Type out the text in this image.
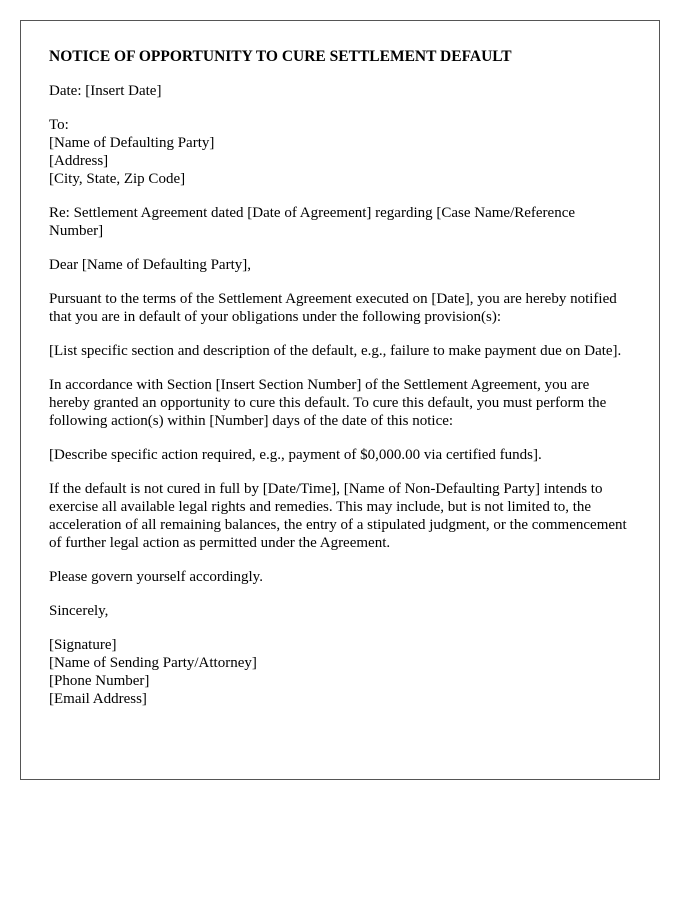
NOTICE OF OPPORTUNITY TO CURE SETTLEMENT DEFAULT
Date: [Insert Date]
To:
[Name of Defaulting Party]
[Address]
[City, State, Zip Code]
Re: Settlement Agreement dated [Date of Agreement] regarding [Case Name/Reference Number]
Dear [Name of Defaulting Party],
Pursuant to the terms of the Settlement Agreement executed on [Date], you are hereby notified that you are in default of your obligations under the following provision(s):
[List specific section and description of the default, e.g., failure to make payment due on Date].
In accordance with Section [Insert Section Number] of the Settlement Agreement, you are hereby granted an opportunity to cure this default. To cure this default, you must perform the following action(s) within [Number] days of the date of this notice:
[Describe specific action required, e.g., payment of $0,000.00 via certified funds].
If the default is not cured in full by [Date/Time], [Name of Non-Defaulting Party] intends to exercise all available legal rights and remedies. This may include, but is not limited to, the acceleration of all remaining balances, the entry of a stipulated judgment, or the commencement of further legal action as permitted under the Agreement.
Please govern yourself accordingly.
Sincerely,
[Signature]
[Name of Sending Party/Attorney]
[Phone Number]
[Email Address]
